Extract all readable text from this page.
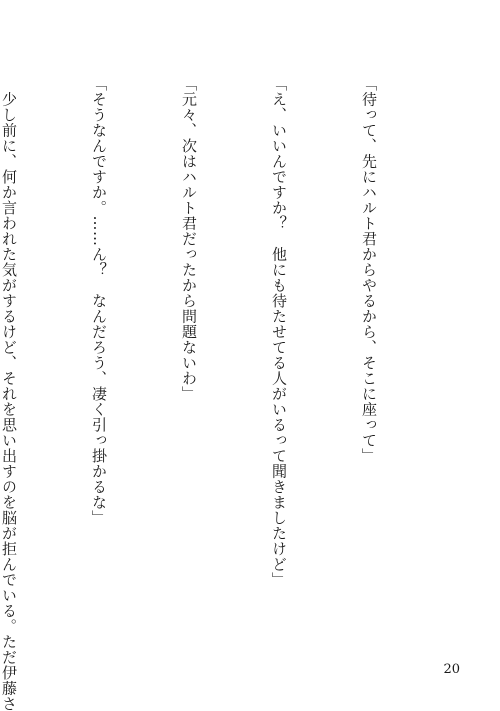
「待って、先にハルト君からやるから、そこに座って」

「え、いいんですか？　他にも待たせてる人がいるって聞きましたけど」

「元々、次はハルト君だったから問題ないわ」

「そうなんですか。……ん？　なんだろう、凄く引っ掛かるな」

　少し前に、何か言われた気がするけど、それを思い出すのを脳が拒んでいる。ただ伊藤さ

	20
